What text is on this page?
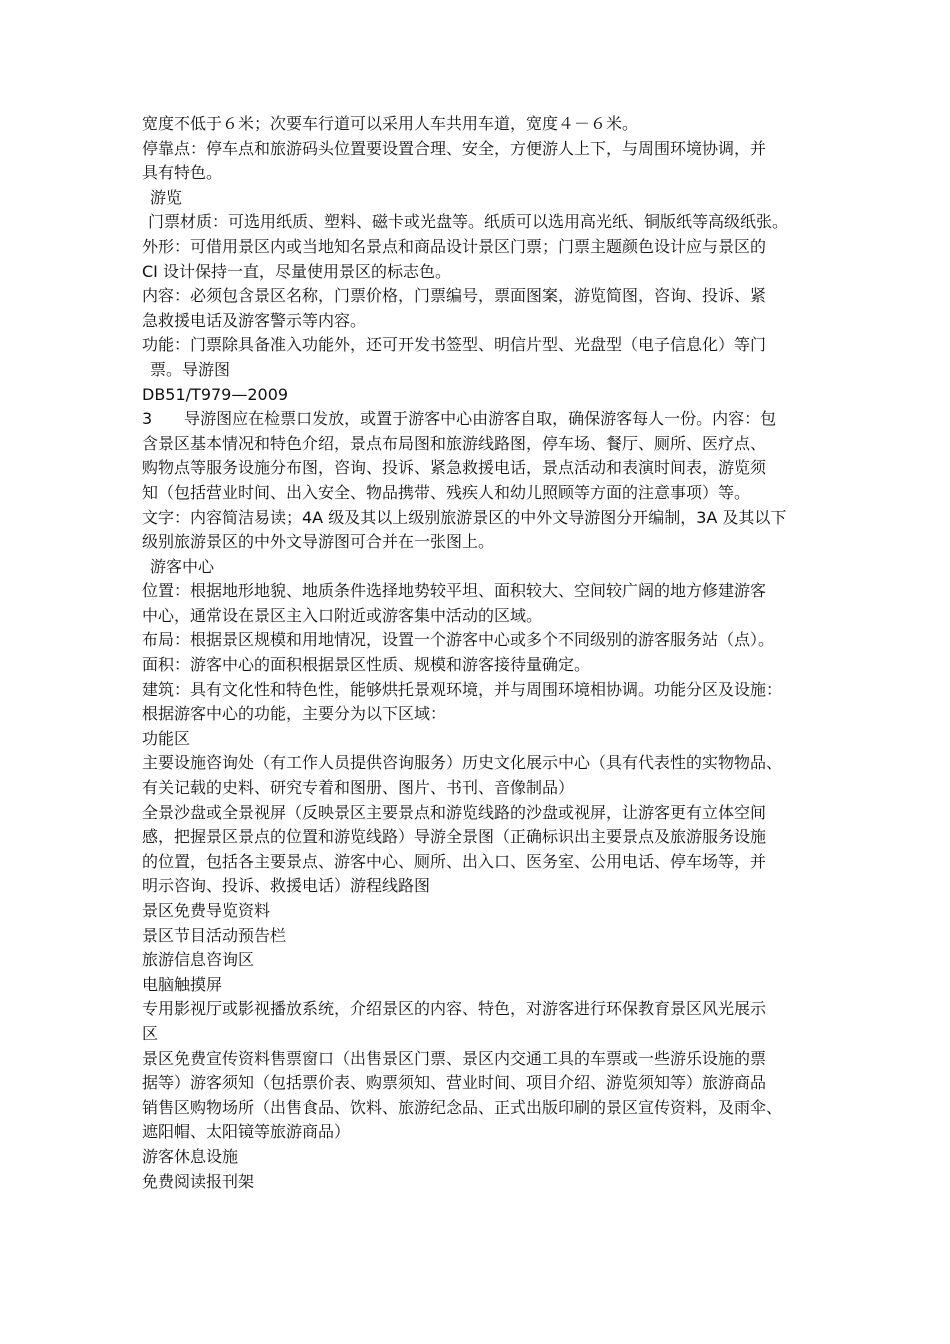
宽度不低于６米；次要车行道可以采用人车共用车道，宽度４－６米。
停靠点：停车点和旅游码头位置要设置合理、安全，方便游人上下，与周围环境协调，并
具有特色。
游览
门票材质：可选用纸质、塑料、磁卡或光盘等。纸质可以选用高光纸、铜版纸等高级纸张。
外形：可借用景区内或当地知名景点和商品设计景区门票；门票主题颜色设计应与景区的
CI 设计保持一直，尽量使用景区的标志色。
内容：必须包含景区名称，门票价格，门票编号，票面图案，游览简图，咨询、投诉、紧
急救援电话及游客警示等内容。
功能：门票除具备准入功能外，还可开发书签型、明信片型、光盘型（电子信息化）等门
票。导游图
DB51/T979—2009
3　　导游图应在检票口发放，或置于游客中心由游客自取，确保游客每人一份。内容：包
含景区基本情况和特色介绍，景点布局图和旅游线路图，停车场、餐厅、厕所、医疗点、
购物点等服务设施分布图，咨询、投诉、紧急救援电话，景点活动和表演时间表，游览须
知（包括营业时间、出入安全、物品携带、残疾人和幼儿照顾等方面的注意事项）等。
文字：内容简洁易读；4A 级及其以上级别旅游景区的中外文导游图分开编制，3A 及其以下
级别旅游景区的中外文导游图可合并在一张图上。
游客中心
位置：根据地形地貌、地质条件选择地势较平坦、面积较大、空间较广阔的地方修建游客
中心，通常设在景区主入口附近或游客集中活动的区域。
布局：根据景区规模和用地情况，设置一个游客中心或多个不同级别的游客服务站（点）。
面积：游客中心的面积根据景区性质、规模和游客接待量确定。
建筑：具有文化性和特色性，能够烘托景观环境，并与周围环境相协调。功能分区及设施：
根据游客中心的功能，主要分为以下区域：
功能区
主要设施咨询处（有工作人员提供咨询服务）历史文化展示中心（具有代表性的实物物品、
有关记载的史料、研究专着和图册、图片、书刊、音像制品）
全景沙盘或全景视屏（反映景区主要景点和游览线路的沙盘或视屏，让游客更有立体空间
感，把握景区景点的位置和游览线路）导游全景图（正确标识出主要景点及旅游服务设施
的位置，包括各主要景点、游客中心、厕所、出入口、医务室、公用电话、停车场等，并
明示咨询、投诉、救援电话）游程线路图
景区免费导览资料
景区节目活动预告栏
旅游信息咨询区
电脑触摸屏
专用影视厅或影视播放系统，介绍景区的内容、特色，对游客进行环保教育景区风光展示
区
景区免费宣传资料售票窗口（出售景区门票、景区内交通工具的车票或一些游乐设施的票
据等）游客须知（包括票价表、购票须知、营业时间、项目介绍、游览须知等）旅游商品
销售区购物场所（出售食品、饮料、旅游纪念品、正式出版印刷的景区宣传资料，及雨伞、
遮阳帽、太阳镜等旅游商品）
游客休息设施
免费阅读报刊架
